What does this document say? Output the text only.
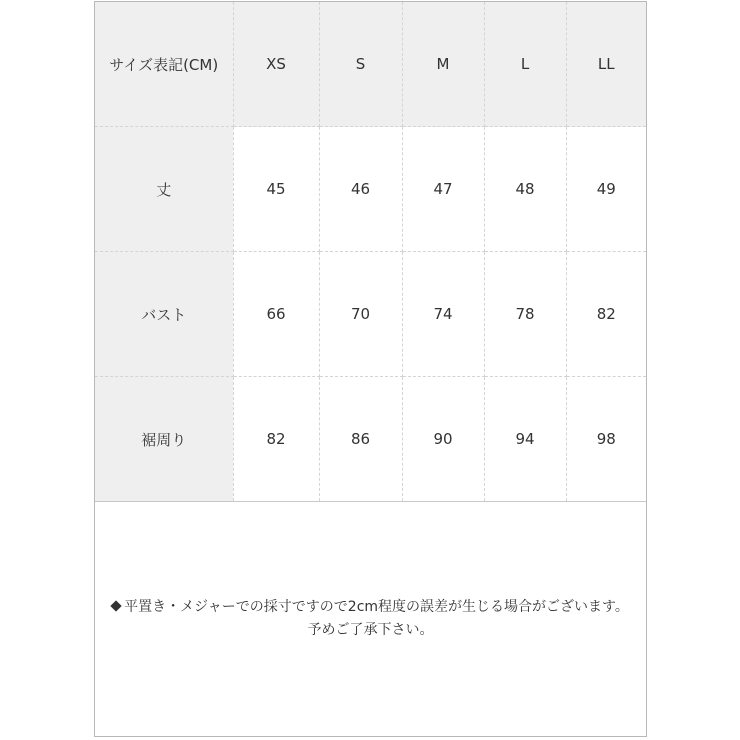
サイズ表記(CM)	XS	S	M	L	LL
丈	45	46	47	48	49
バスト	66	70	74	78	82
裾周り	82	86	90	94	98
平置き・メジャーでの採寸ですので2cm程度の誤差が生じる場合がございます。
予めご了承下さい。
